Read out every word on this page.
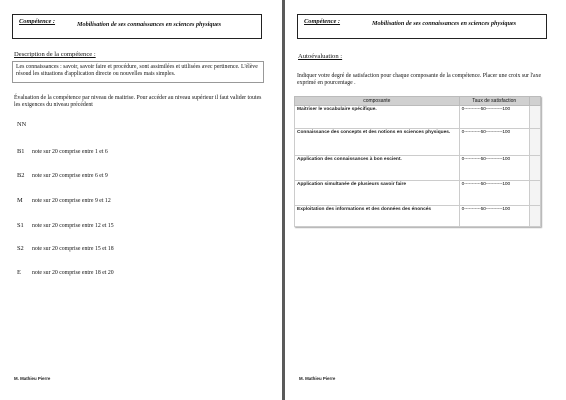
Compétence :	Mobilisation de ses connaissances en sciences physiques
Description de la compétence :
Les connaissances : savoir, savoir faire et procédure, sont assimilées et utilisées avec pertinence. L'élève résoud les situations d'application directe ou nouvelles mais simples.
Évaluation de la compétence par niveau de maitrise. Pour accéder au niveau supérieur il faut valider toutes les exigences du niveau précédent
NN
B1 note sur 20 comprise entre 1 et 6
B2 note sur 20 comprise entre 6 et 9
M note sur 20 comprise entre 9 et 12
S1 note sur 20 comprise entre 12 et 15
S2 note sur 20 comprise entre 15 et 18
E note sur 20 comprise entre 18 et 20
M. Mathieu Pierre
Compétence :	Mobilisation de ses connaissances en sciences physiques
Autoévaluation :
Indiquer votre degré de satisfaction pour chaque composante de la compétence. Placer une croix sur l'axe exprimé en pourcentage .
composante	Taux de satisfaction	
Maitriser le vocabulaire spécifique.	0-----------50-----------100	
Connaissance des concepts et des notions en sciences physiques.	0-----------50-----------100	
Application des connaissances à bon escient.	0-----------50-----------100	
Application simultanée de plusieurs savoir faire	0-----------50-----------100	
Exploitation des informations et des données des énoncés	0-----------50-----------100	
M. Mathieu Pierre
